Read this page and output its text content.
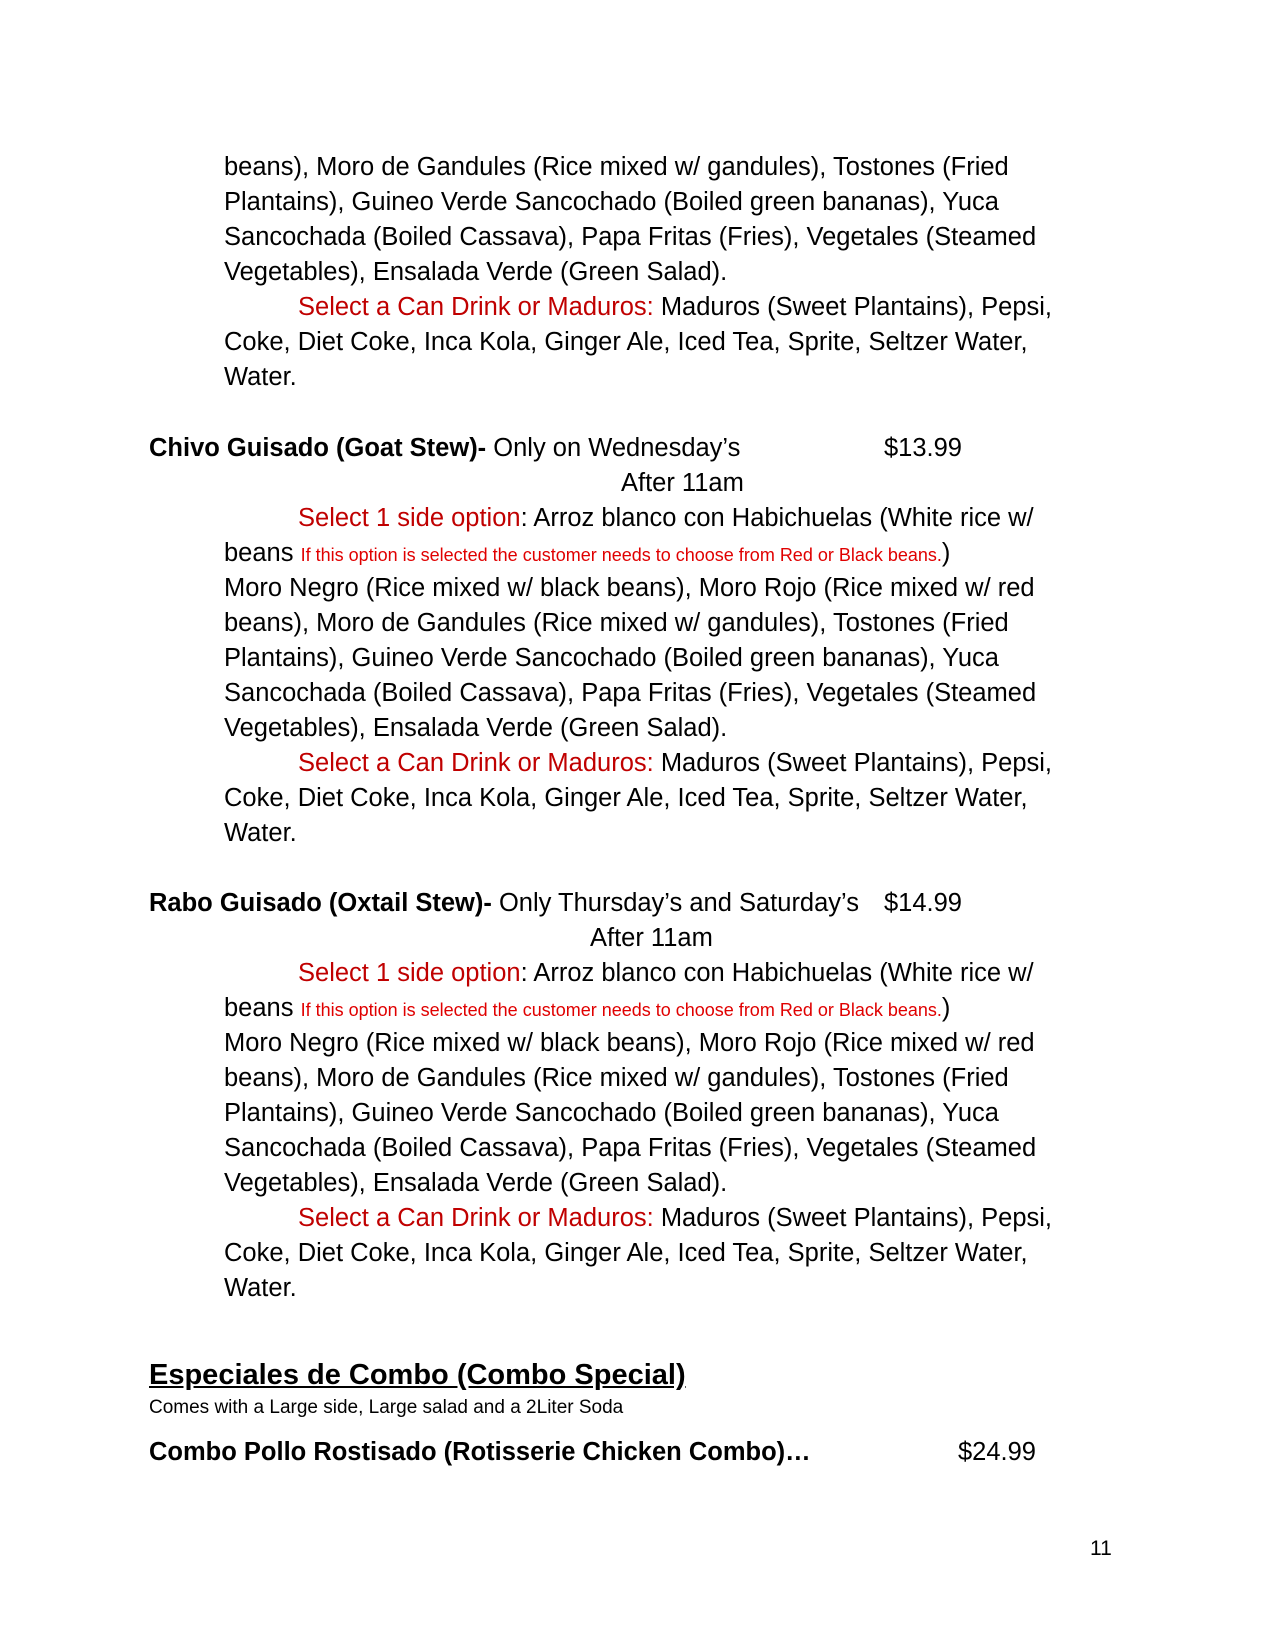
beans), Moro de Gandules (Rice mixed w/ gandules), Tostones (Fried
Plantains), Guineo Verde Sancochado (Boiled green bananas), Yuca
Sancochada (Boiled Cassava), Papa Fritas (Fries), Vegetales (Steamed
Vegetables), Ensalada Verde (Green Salad).
Select a Can Drink or Maduros: Maduros (Sweet Plantains), Pepsi,
Coke, Diet Coke, Inca Kola, Ginger Ale, Iced Tea, Sprite, Seltzer Water,
Water.
Chivo Guisado (Goat Stew)- Only on Wednesday’s	$13.99
After 11am
Select 1 side option: Arroz blanco con Habichuelas (White rice w/
beans If this option is selected the customer needs to choose from Red or Black beans.)
Moro Negro (Rice mixed w/ black beans), Moro Rojo (Rice mixed w/ red
beans), Moro de Gandules (Rice mixed w/ gandules), Tostones (Fried
Plantains), Guineo Verde Sancochado (Boiled green bananas), Yuca
Sancochada (Boiled Cassava), Papa Fritas (Fries), Vegetales (Steamed
Vegetables), Ensalada Verde (Green Salad).
Select a Can Drink or Maduros: Maduros (Sweet Plantains), Pepsi,
Coke, Diet Coke, Inca Kola, Ginger Ale, Iced Tea, Sprite, Seltzer Water,
Water.
Rabo Guisado (Oxtail Stew)- Only Thursday’s and Saturday’s $14.99
After 11am
Select 1 side option: Arroz blanco con Habichuelas (White rice w/
beans If this option is selected the customer needs to choose from Red or Black beans.)
Moro Negro (Rice mixed w/ black beans), Moro Rojo (Rice mixed w/ red
beans), Moro de Gandules (Rice mixed w/ gandules), Tostones (Fried
Plantains), Guineo Verde Sancochado (Boiled green bananas), Yuca
Sancochada (Boiled Cassava), Papa Fritas (Fries), Vegetales (Steamed
Vegetables), Ensalada Verde (Green Salad).
Select a Can Drink or Maduros: Maduros (Sweet Plantains), Pepsi,
Coke, Diet Coke, Inca Kola, Ginger Ale, Iced Tea, Sprite, Seltzer Water,
Water.
Especiales de Combo (Combo Special)
Comes with a Large side, Large salad and a 2Liter Soda
Combo Pollo Rostisado (Rotisserie Chicken Combo)…	$24.99
11
